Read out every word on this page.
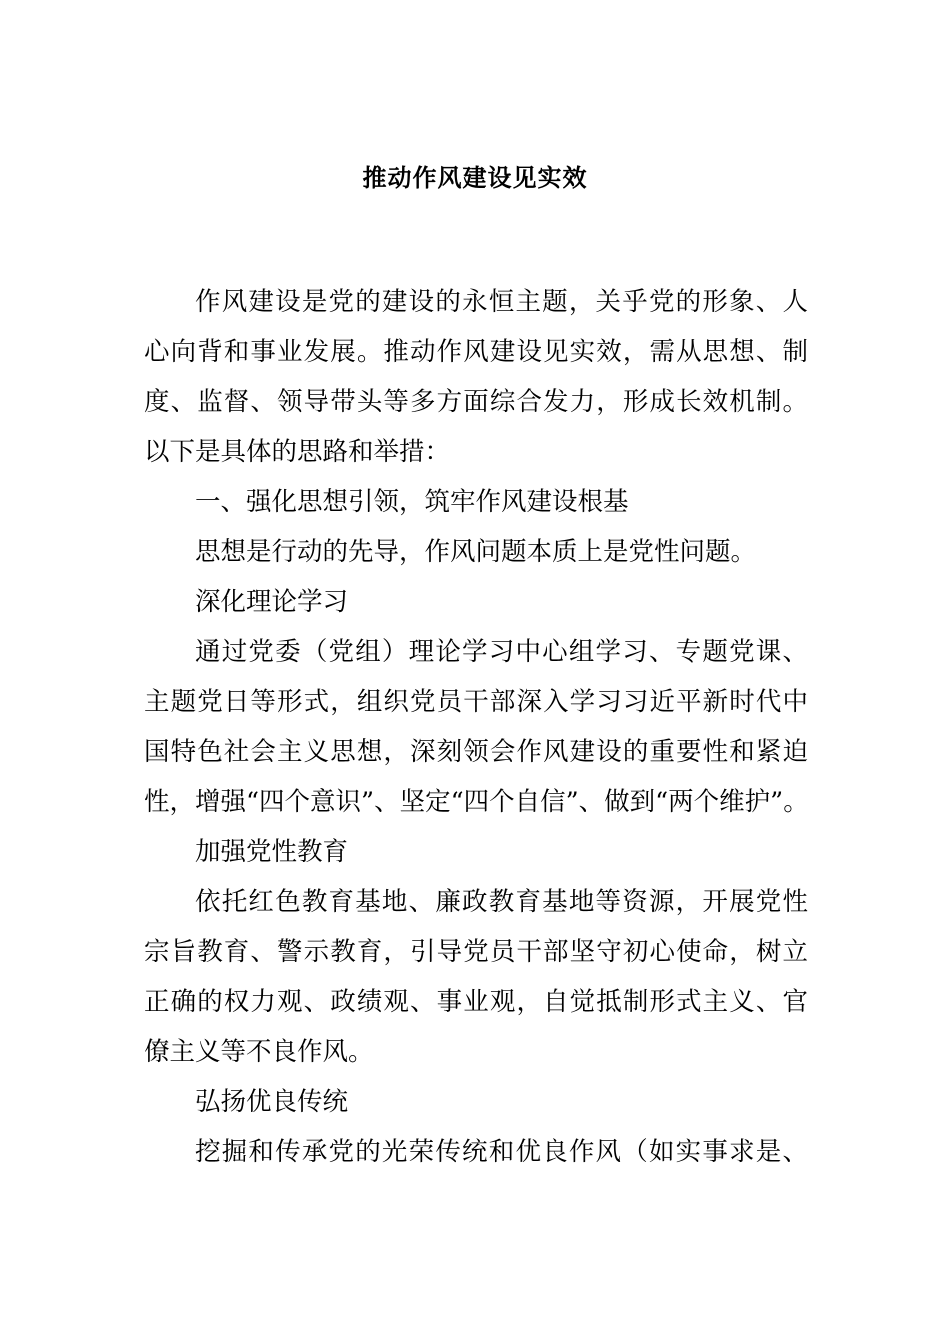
推动作风建设见实效
作风建设是党的建设的永恒主题，关乎党的形象、人
心向背和事业发展。推动作风建设见实效，需从思想、制
度、监督、领导带头等多方面综合发力，形成长效机制。
以下是具体的思路和举措：
一、强化思想引领，筑牢作风建设根基
思想是行动的先导，作风问题本质上是党性问题。
深化理论学习
通过党委（党组）理论学习中心组学习、专题党课、
主题党日等形式，组织党员干部深入学习习近平新时代中
国特色社会主义思想，深刻领会作风建设的重要性和紧迫
性，增强“四个意识”、坚定“四个自信”、做到“两个维护”。
加强党性教育
依托红色教育基地、廉政教育基地等资源，开展党性
宗旨教育、警示教育，引导党员干部坚守初心使命，树立
正确的权力观、政绩观、事业观，自觉抵制形式主义、官
僚主义等不良作风。
弘扬优良传统
挖掘和传承党的光荣传统和优良作风（如实事求是、
